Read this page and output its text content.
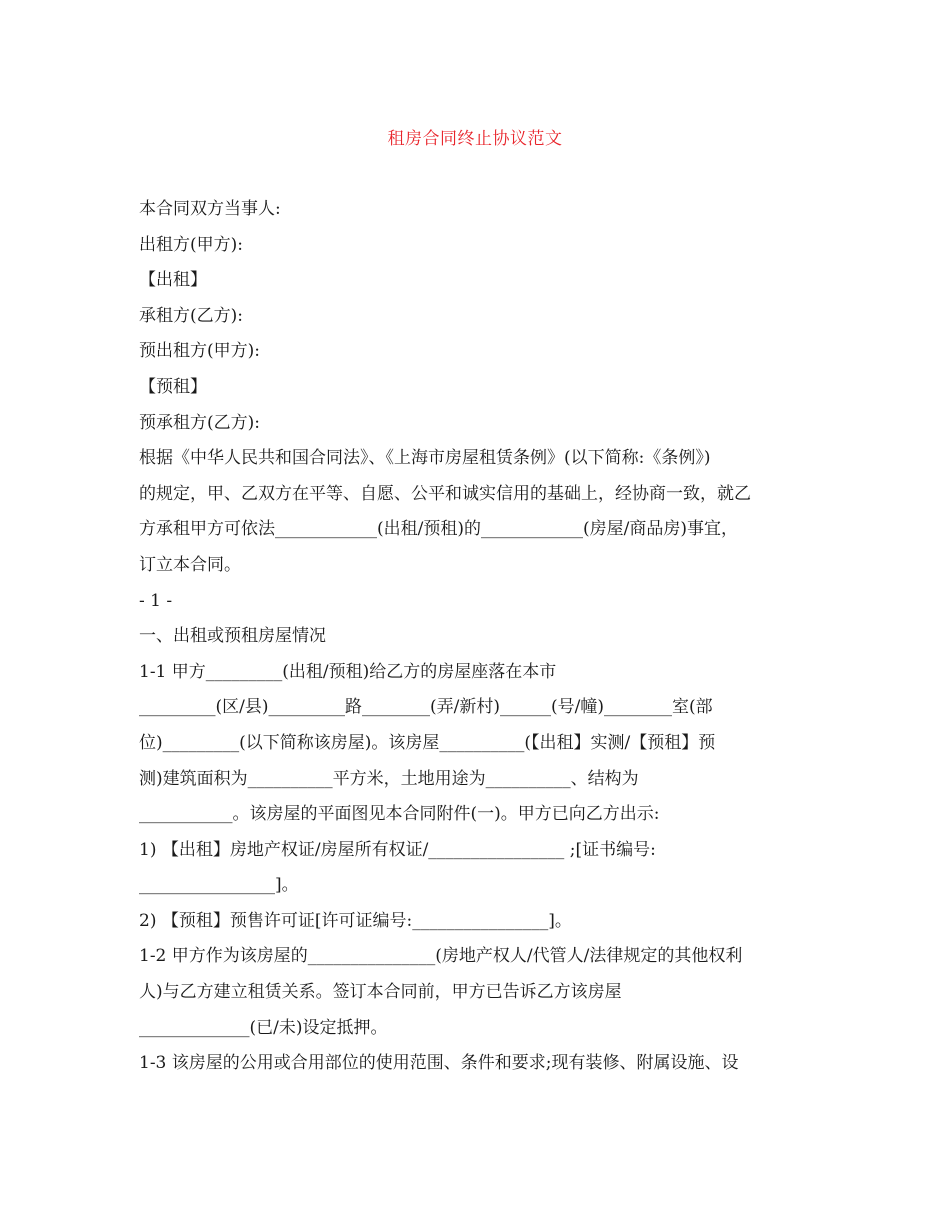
租房合同终止协议范文

本合同双方当事人:

出租方(甲方):

【出租】

承租方(乙方):

预出租方(甲方):

【预租】

预承租方(乙方):

根据《中华人民共和国合同法》、《上海市房屋租赁条例》(以下简称:《条例》)

的规定，甲、乙双方在平等、自愿、公平和诚实信用的基础上，经协商一致，就乙

方承租甲方可依法____________(出租/预租)的____________(房屋/商品房)事宜，

订立本合同。

- 1 -

一、出租或预租房屋情况

1-1 甲方_________(出租/预租)给乙方的房屋座落在本市

_________(区/县)_________路________(弄/新村)______(号/幢)________室(部

位)_________(以下简称该房屋)。该房屋__________(【出租】实测/【预租】预

测)建筑面积为__________平方米，土地用途为__________、结构为

___________。该房屋的平面图见本合同附件(一)。甲方已向乙方出示:

1) 【出租】房地产权证/房屋所有权证/________________ ;[证书编号:

________________]。

2) 【预租】预售许可证[许可证编号:________________]。

1-2 甲方作为该房屋的_______________(房地产权人/代管人/法律规定的其他权利

人)与乙方建立租赁关系。签订本合同前，甲方已告诉乙方该房屋

_____________(已/未)设定抵押。

1-3 该房屋的公用或合用部位的使用范围、条件和要求;现有装修、附属设施、设
